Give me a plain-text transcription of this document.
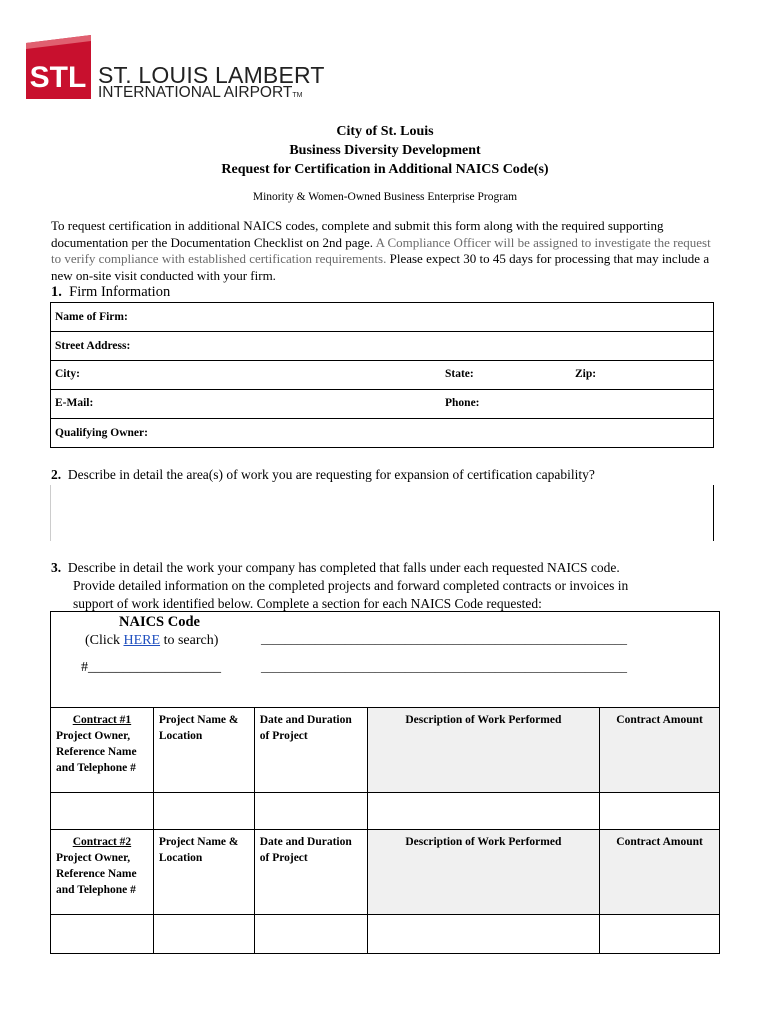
STL ST. LOUIS LAMBERT
INTERNATIONAL AIRPORTTM
City of St. Louis
Business Diversity Development
Request for Certification in Additional NAICS Code(s)
Minority & Women-Owned Business Enterprise Program
To request certification in additional NAICS codes, complete and submit this form along with the required supporting documentation per the Documentation Checklist on 2nd page. A Compliance Officer will be assigned to investigate the request to verify compliance with established certification requirements. Please expect 30 to 45 days for processing that may include a new on-site visit conducted with your firm.
1. Firm Information
Name of Firm:
Street Address:

City:	State:	Zip:

E-Mail:	Phone:

Qualifying Owner:
2. Describe in detail the area(s) of work you are requesting for expansion of certification capability?
3. Describe in detail the work your company has completed that falls under each requested NAICS code.
Provide detailed information on the completed projects and forward completed contracts or invoices in
support of work identified below. Complete a section for each NAICS Code requested:
NAICS Code
(Click HERE to search)
#___________________
_____________________________________________________________
_____________________________________________________________
Contract #1
Project Owner, Reference Name and Telephone #	Project Name & Location	Date and Duration of Project	Description of Work Performed	Contract Amount

Contract #2
Project Owner, Reference Name and Telephone #	Project Name & Location	Date and Duration of Project	Description of Work Performed	Contract Amount
